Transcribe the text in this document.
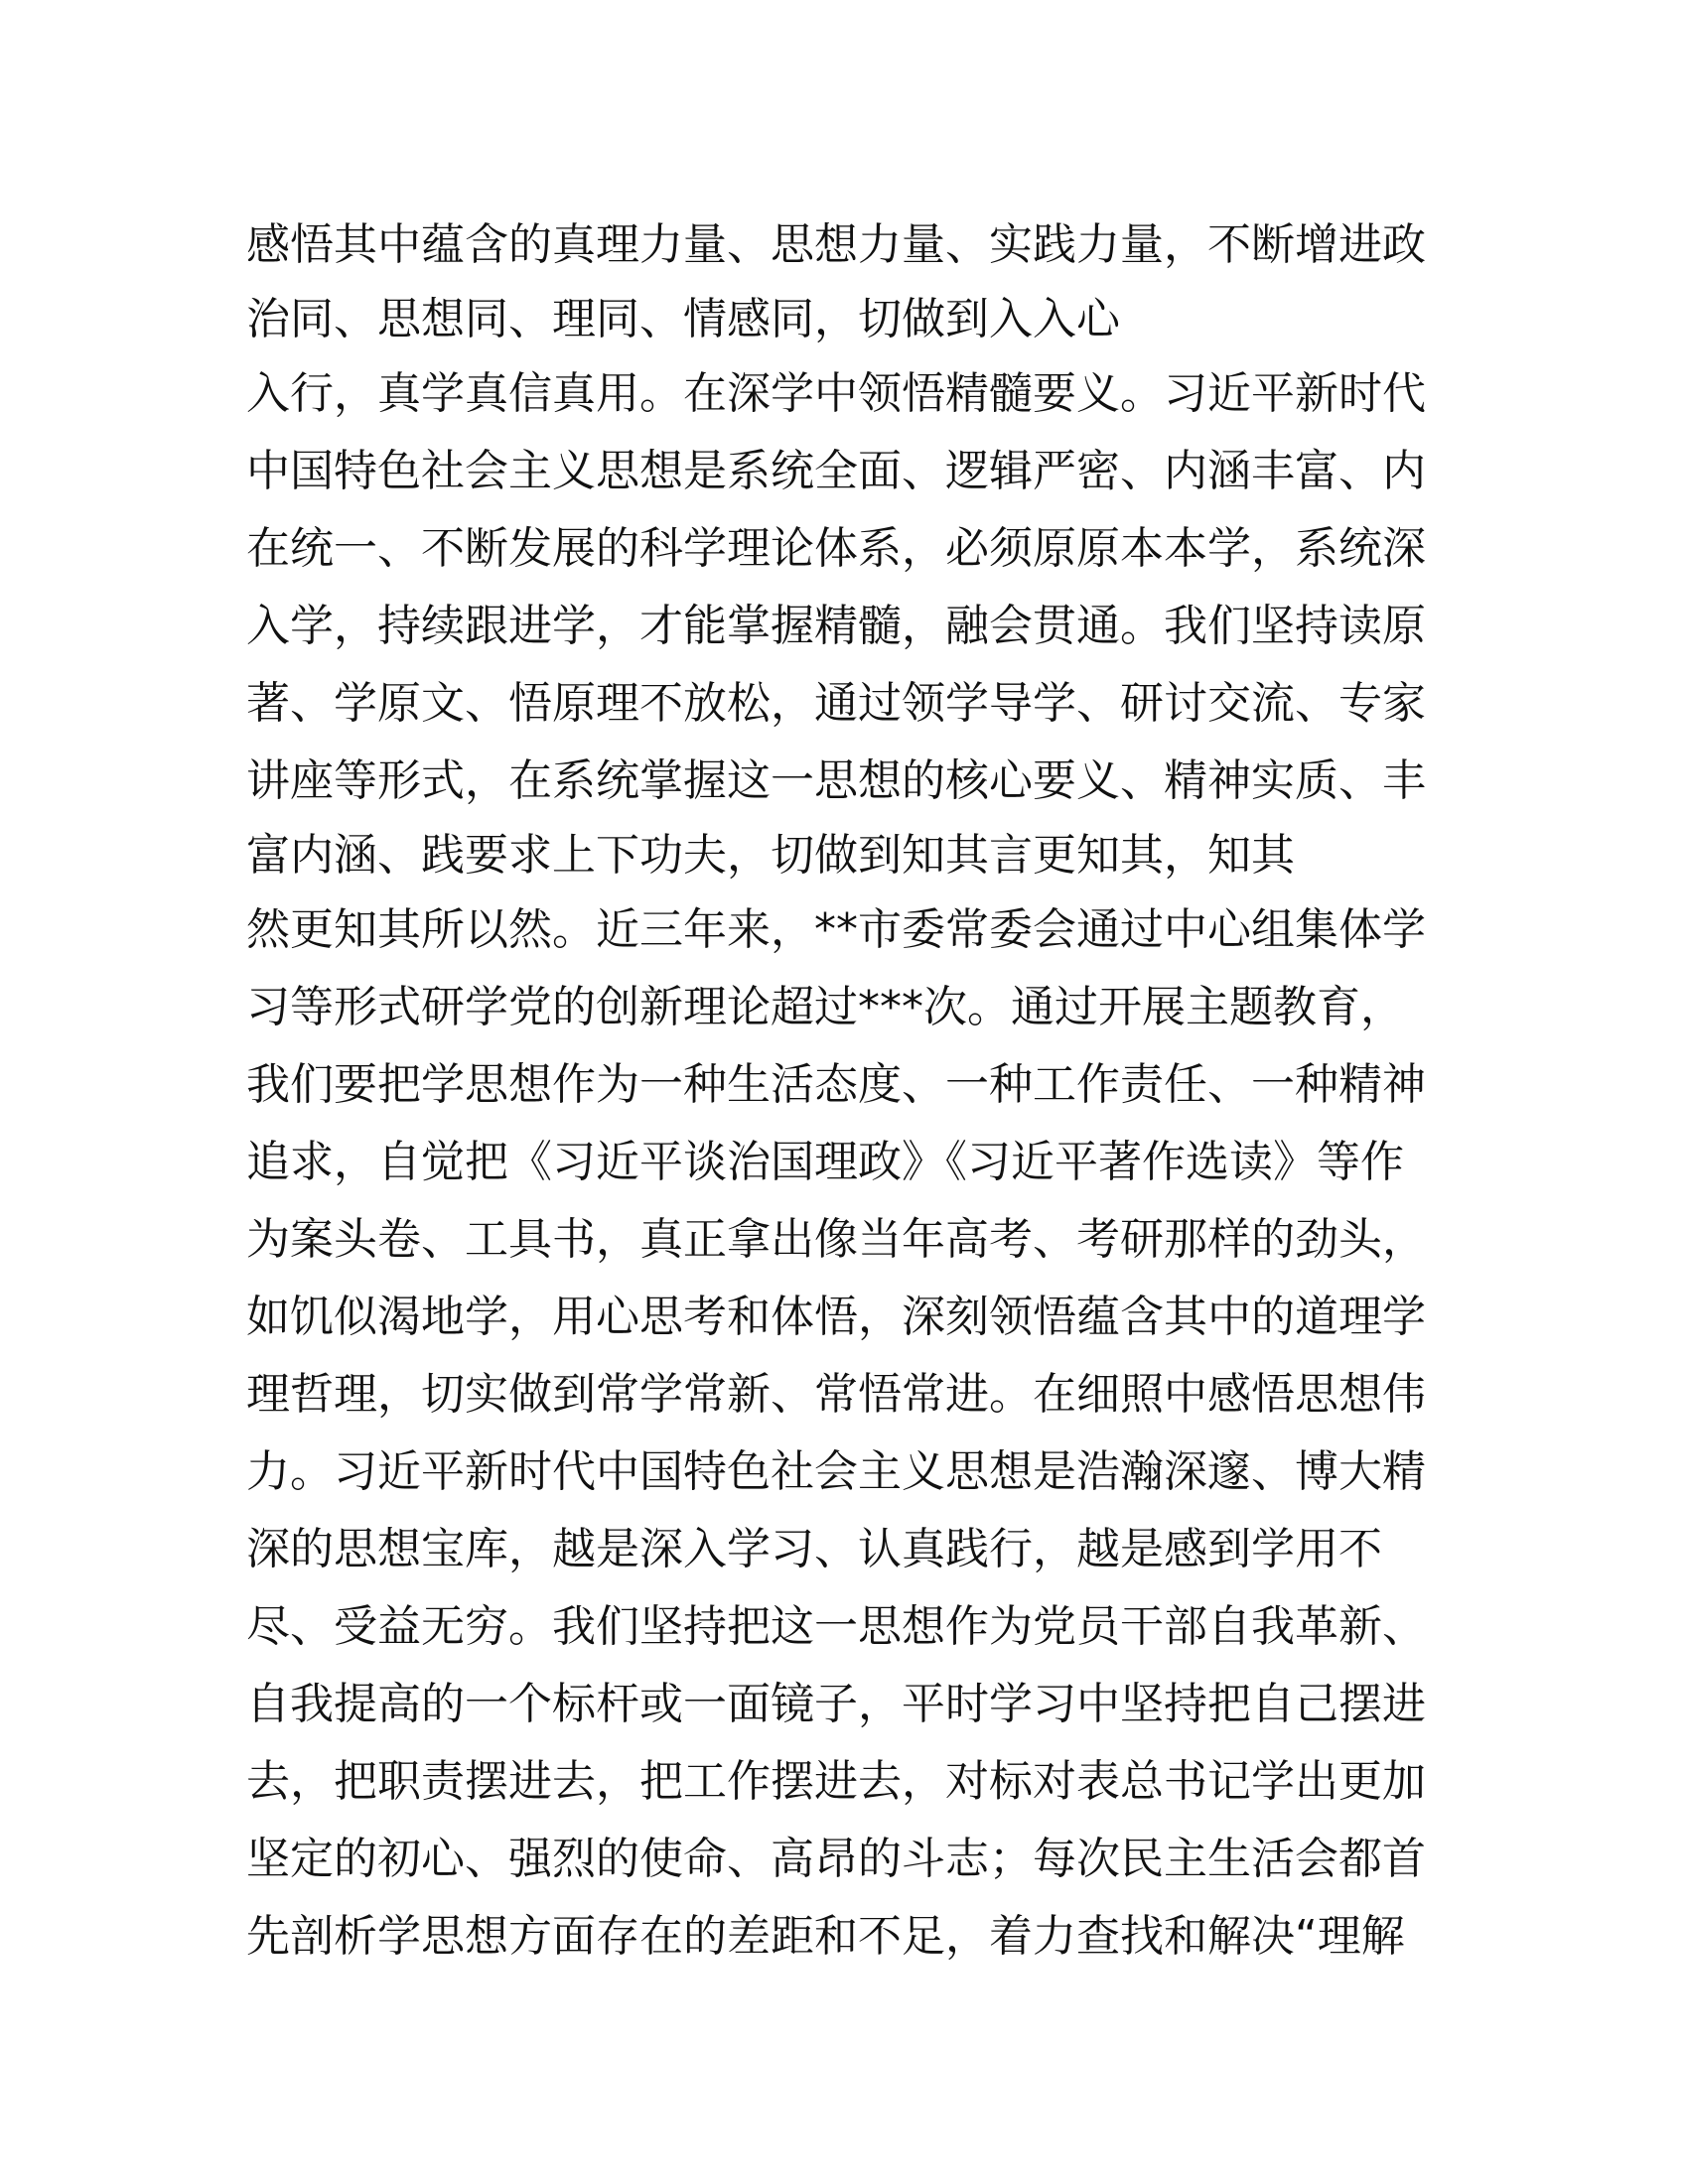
感悟其中蕴含的真理力量、思想力量、实践力量，不断增进政
治同、思想同、理同、情感同，切做到入入心
入行，真学真信真用。在深学中领悟精髓要义。习近平新时代
中国特色社会主义思想是系统全面、逻辑严密、内涵丰富、内
在统一、不断发展的科学理论体系，必须原原本本学，系统深
入学，持续跟进学，才能掌握精髓，融会贯通。我们坚持读原
著、学原文、悟原理不放松，通过领学导学、研讨交流、专家
讲座等形式，在系统掌握这一思想的核心要义、精神实质、丰
富内涵、践要求上下功夫，切做到知其言更知其，知其
然更知其所以然。近三年来，**市委常委会通过中心组集体学
习等形式研学党的创新理论超过***次。通过开展主题教育，
我们要把学思想作为一种生活态度、一种工作责任、一种精神
追求，自觉把《习近平谈治国理政》《习近平著作选读》等作
为案头卷、工具书，真正拿出像当年高考、考研那样的劲头，
如饥似渴地学，用心思考和体悟，深刻领悟蕴含其中的道理学
理哲理，切实做到常学常新、常悟常进。在细照中感悟思想伟
力。习近平新时代中国特色社会主义思想是浩瀚深邃、博大精
深的思想宝库，越是深入学习、认真践行，越是感到学用不
尽、受益无穷。我们坚持把这一思想作为党员干部自我革新、
自我提高的一个标杆或一面镜子，平时学习中坚持把自己摆进
去，把职责摆进去，把工作摆进去，对标对表总书记学出更加
坚定的初心、强烈的使命、高昂的斗志；每次民主生活会都首
先剖析学思想方面存在的差距和不足，着力查找和解决“理解
